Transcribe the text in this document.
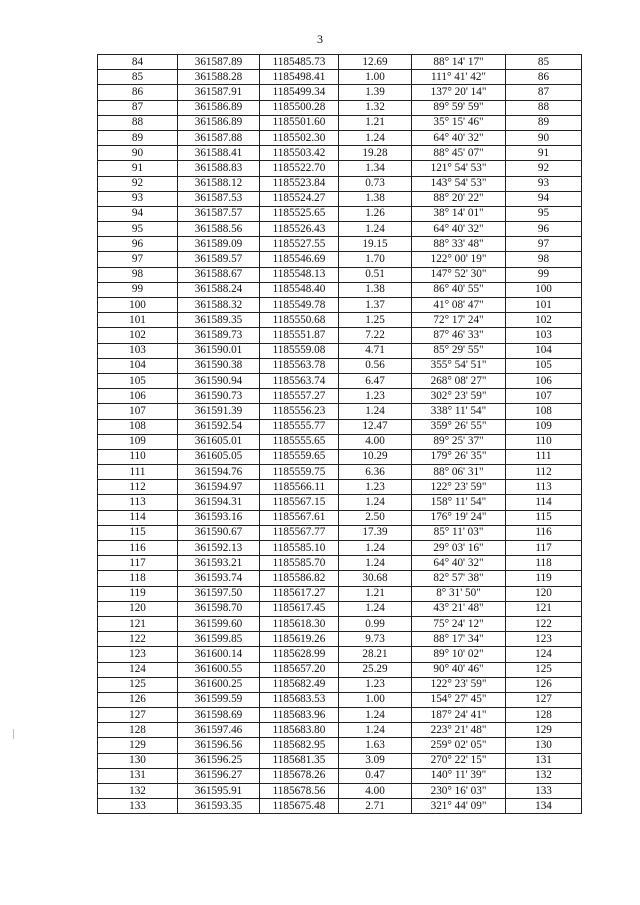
3
84	361587.89	1185485.73	12.69	88° 14' 17"	85
85	361588.28	1185498.41	1.00	111° 41' 42"	86
86	361587.91	1185499.34	1.39	137° 20' 14"	87
87	361586.89	1185500.28	1.32	89° 59' 59"	88
88	361586.89	1185501.60	1.21	35° 15' 46"	89
89	361587.88	1185502.30	1.24	64° 40' 32"	90
90	361588.41	1185503.42	19.28	88° 45' 07"	91
91	361588.83	1185522.70	1.34	121° 54' 53"	92
92	361588.12	1185523.84	0.73	143° 54' 53"	93
93	361587.53	1185524.27	1.38	88° 20' 22"	94
94	361587.57	1185525.65	1.26	38° 14' 01"	95
95	361588.56	1185526.43	1.24	64° 40' 32"	96
96	361589.09	1185527.55	19.15	88° 33' 48"	97
97	361589.57	1185546.69	1.70	122° 00' 19"	98
98	361588.67	1185548.13	0.51	147° 52' 30"	99
99	361588.24	1185548.40	1.38	86° 40' 55"	100
100	361588.32	1185549.78	1.37	41° 08' 47"	101
101	361589.35	1185550.68	1.25	72° 17' 24"	102
102	361589.73	1185551.87	7.22	87° 46' 33"	103
103	361590.01	1185559.08	4.71	85° 29' 55"	104
104	361590.38	1185563.78	0.56	355° 54' 51"	105
105	361590.94	1185563.74	6.47	268° 08' 27"	106
106	361590.73	1185557.27	1.23	302° 23' 59"	107
107	361591.39	1185556.23	1.24	338° 11' 54"	108
108	361592.54	1185555.77	12.47	359° 26' 55"	109
109	361605.01	1185555.65	4.00	89° 25' 37"	110
110	361605.05	1185559.65	10.29	179° 26' 35"	111
111	361594.76	1185559.75	6.36	88° 06' 31"	112
112	361594.97	1185566.11	1.23	122° 23' 59"	113
113	361594.31	1185567.15	1.24	158° 11' 54"	114
114	361593.16	1185567.61	2.50	176° 19' 24"	115
115	361590.67	1185567.77	17.39	85° 11' 03"	116
116	361592.13	1185585.10	1.24	29° 03' 16"	117
117	361593.21	1185585.70	1.24	64° 40' 32"	118
118	361593.74	1185586.82	30.68	82° 57' 38"	119
119	361597.50	1185617.27	1.21	8° 31' 50"	120
120	361598.70	1185617.45	1.24	43° 21' 48"	121
121	361599.60	1185618.30	0.99	75° 24' 12"	122
122	361599.85	1185619.26	9.73	88° 17' 34"	123
123	361600.14	1185628.99	28.21	89° 10' 02"	124
124	361600.55	1185657.20	25.29	90° 40' 46"	125
125	361600.25	1185682.49	1.23	122° 23' 59"	126
126	361599.59	1185683.53	1.00	154° 27' 45"	127
127	361598.69	1185683.96	1.24	187° 24' 41"	128
128	361597.46	1185683.80	1.24	223° 21' 48"	129
129	361596.56	1185682.95	1.63	259° 02' 05"	130
130	361596.25	1185681.35	3.09	270° 22' 15"	131
131	361596.27	1185678.26	0.47	140° 11' 39"	132
132	361595.91	1185678.56	4.00	230° 16' 03"	133
133	361593.35	1185675.48	2.71	321° 44' 09"	134
